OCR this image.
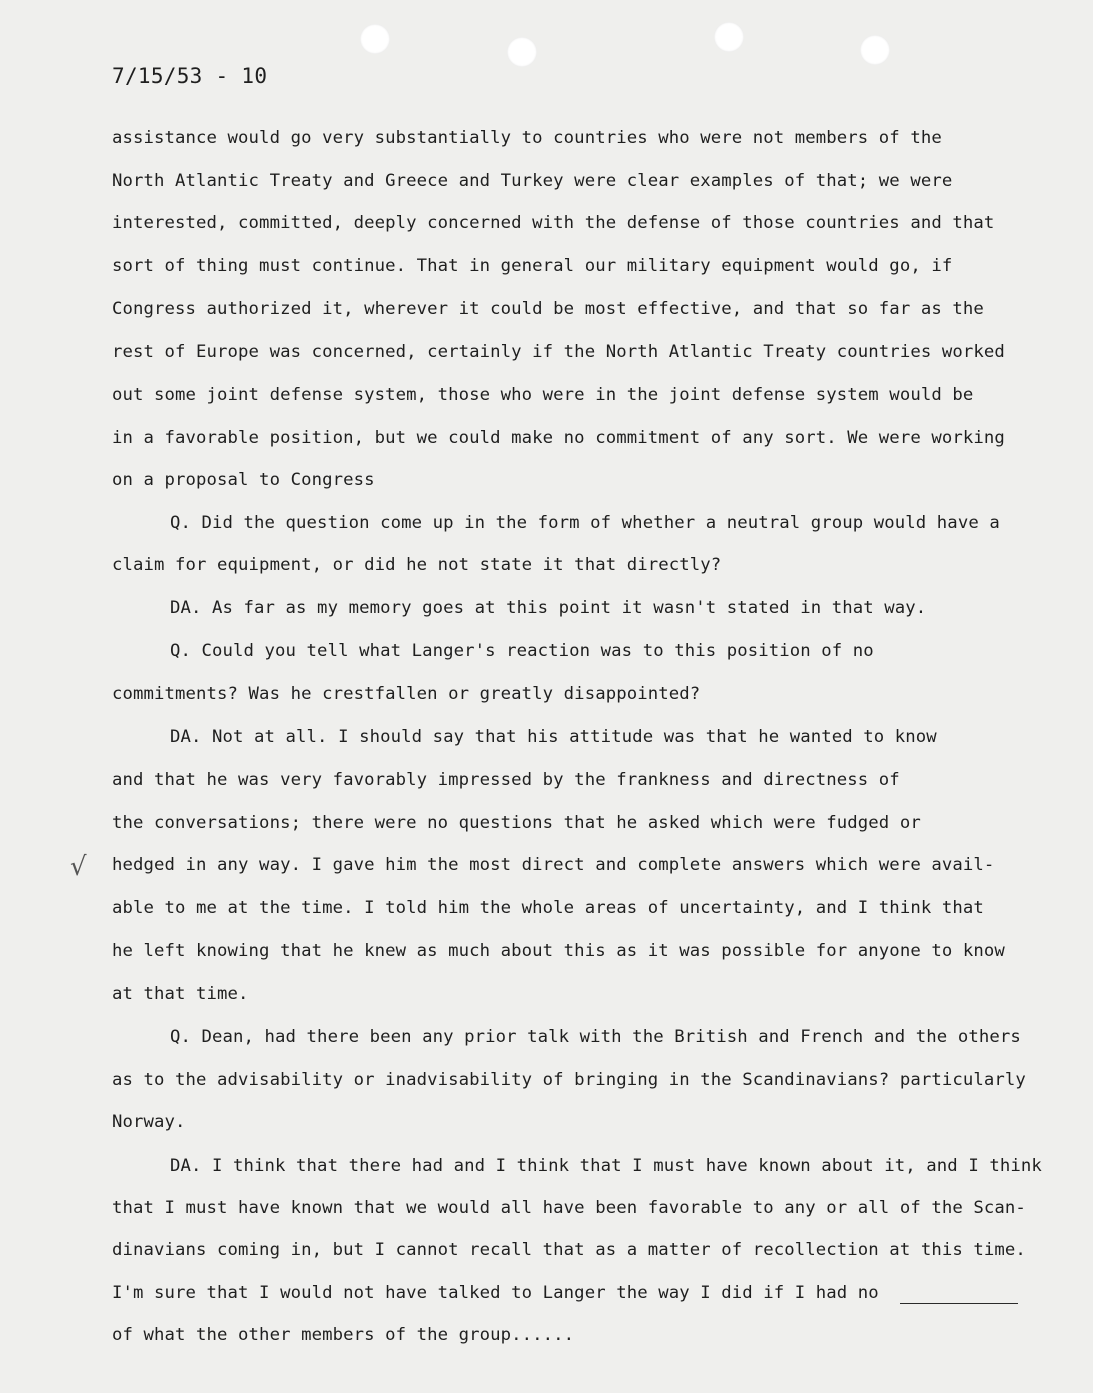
7/15/53 - 10
assistance would go very substantially to countries who were not members of the
North Atlantic Treaty and Greece and Turkey were clear examples of that; we were
interested, committed, deeply concerned with the defense of those countries and that
sort of thing must continue. That in general our military equipment would go, if
Congress authorized it, wherever it could be most effective, and that so far as the
rest of Europe was concerned, certainly if the North Atlantic Treaty countries worked
out some joint defense system, those who were in the joint defense system would be
in a favorable position, but we could make no commitment of any sort. We were working
on a proposal to Congress
Q. Did the question come up in the form of whether a neutral group would have a
claim for equipment, or did he not state it that directly?
DA. As far as my memory goes at this point it wasn't stated in that way.
Q. Could you tell what Langer's reaction was to this position of no
commitments? Was he crestfallen or greatly disappointed?
DA. Not at all. I should say that his attitude was that he wanted to know
and that he was very favorably impressed by the frankness and directness of
the conversations; there were no questions that he asked which were fudged or
hedged in any way. I gave him the most direct and complete answers which were avail-
able to me at the time. I told him the whole areas of uncertainty, and I think that
he left knowing that he knew as much about this as it was possible for anyone to know
at that time.
Q. Dean, had there been any prior talk with the British and French and the others
as to the advisability or inadvisability of bringing in the Scandinavians? particularly
Norway.
DA. I think that there had and I think that I must have known about it, and I think
that I must have known that we would all have been favorable to any or all of the Scan-
dinavians coming in, but I cannot recall that as a matter of recollection at this time.
I'm sure that I would not have talked to Langer the way I did if I had no
of what the other members of the group......
√
